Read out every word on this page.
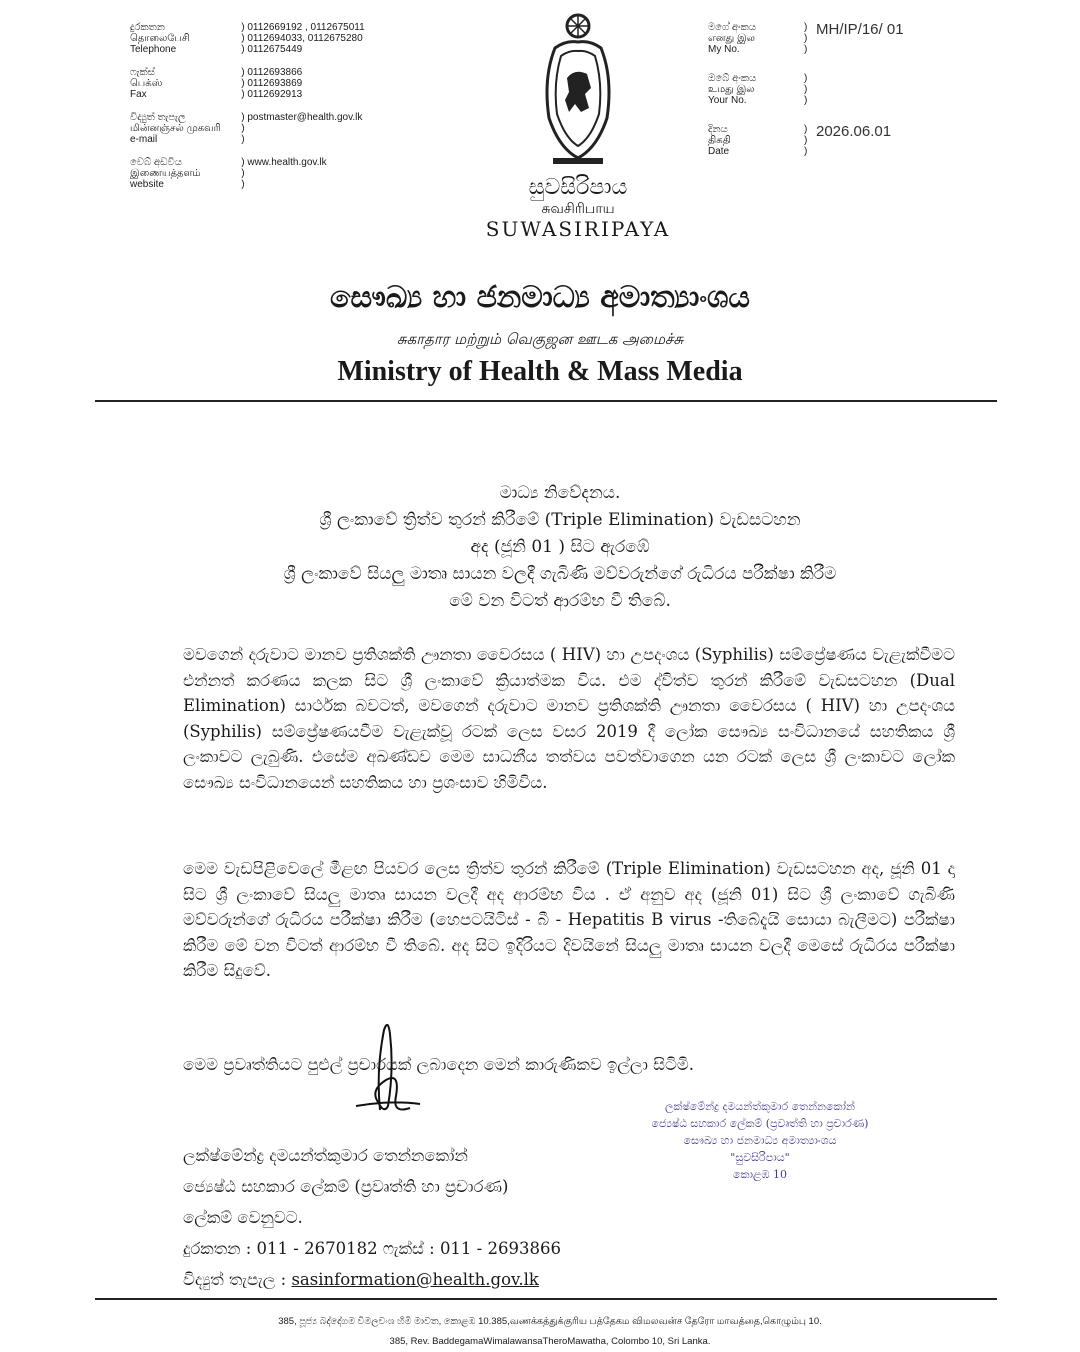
දුරකතන
தொலைபேசி
Telephone
) 0112669192 , 0112675011
) 0112694033, 0112675280
) 0112675449
ෆැක්ස්
பெக்ஸ்
Fax
) 0112693866
) 0112693869
) 0112692913
විද්‍යුත් තැපැල
மின்னஞ்சல் முகவரி
e-mail
) postmaster@health.gov.lk
)
)
වෙබ් අඩවිය
இணையத்தளம்
website
) www.health.gov.lk
)
)	සුවසිරිපාය
சுவசிரிபாய
SUWASIRIPAYA
මගේ අංකය
எனது இல
My No.
)
)
)
MH/IP/16/ 01
ඔබේ අංකය
உமது இல
Your No.
)
)
)
දිනය
திகதி
Date
)
)
)
2026.06.01
සෞඛ්‍ය හා ජනමාධ්‍ය අමාත්‍යාංශය
சுகாதார மற்றும் வெகுஜன ஊடக அமைச்சு
Ministry of Health & Mass Media
මාධ්‍ය නිවේදනය.
ශ්‍රී ලංකාවේ ත්‍රිත්ව තුරන් කිරීමේ (Triple Elimination) වැඩසටහන
අද (ජූනි 01 ) සිට ඇරඹේ
ශ්‍රී ලංකාවේ සියලු මාතෘ සායන වලදී ගැබිණි මව්වරුන්ගේ රුධිරය පරීක්ෂා කිරීම
මේ වන විටත් ආරම්භ වී තිබේ.
මවගෙන් දරුවාට මානව ප්‍රතිශක්ති ඌනතා වෛරසය ( HIV) හා උපදංශය (Syphilis) සම්ප්‍රේෂණය වැළැක්වීමට එන්නත් කරණය කලක සිට ශ්‍රී ලංකාවේ ක්‍රියාත්මක විය. එම ද්විත්ව තුරන් කිරීමේ වැඩසටහන (Dual Elimination) සාර්ථක බවටත්, මවගෙන් දරුවාට මානව ප්‍රතිශක්ති ඌනතා වෛරසය ( HIV) හා උපදංශය (Syphilis) සම්ප්‍රේෂණයවීම වැළැක්වූ රටක් ලෙස වසර 2019 දී ලෝක සෞඛ්‍ය සංවිධානයේ සහතිකය ශ්‍රී ලංකාවට ලැබුණි. එසේම අඛණ්ඩව මෙම සාධනීය තත්වය පවත්වාගෙන යන රටක් ලෙස ශ්‍රී ලංකාවට ලෝක සෞඛ්‍ය සංවිධානයෙන් සහතිකය හා ප්‍රශංසාව හිමිවිය.
මෙම වැඩපිළිවෙලේ මීළඟ පියවර ලෙස ත්‍රිත්ව තුරන් කිරීමේ (Triple Elimination) වැඩසටහන අද, ජූනි 01 දා සිට ශ්‍රී ලංකාවේ සියලු මාතෘ සායන වලදී අද ආරම්භ විය . ඒ අනුව අද (ජූනි 01) සිට ශ්‍රී ලංකාවේ ගැබිණි මව්වරුන්ගේ රුධිරය පරීක්ෂා කිරීම (හෙපටයිටිස් - බී - Hepatitis B virus -තිබේදැයි සොයා බැලීමට) පරීක්ෂා කිරීම මේ වන විටත් ආරම්භ වී තිබේ. අද සිට ඉදිරියට දිවයිනේ සියලු මාතෘ සායන වලදී මෙසේ රුධිරය පරීක්ෂා කිරීම සිදුවේ.
මෙම ප්‍රවෘත්තියට පුළුල් ප්‍රචාරයක් ලබාදෙන මෙන් කාරුණිකව ඉල්ලා සිටිමි.
ලක්ෂ්මේන්ද්‍ර දමයන්ත්කුමාර තෙන්නකෝන්
ජ්‍යෙෂ්ඨ සහකාර ලේකම් (ප්‍රවෘත්ති හා ප්‍රචාරණ)
සෞඛ්‍ය හා ජනමාධ්‍ය අමාත්‍යාංශය
"සුවසිරිපාය"
කොළඹ 10
ලක්ෂ්මේන්ද්‍ර දමයන්ත්කුමාර තෙන්නකෝන්
ජ්‍යෙෂ්ඨ සහකාර ලේකම් (ප්‍රවෘත්ති හා ප්‍රචාරණ)
ලේකම් වෙනුවට.
දුරකතන : 011 - 2670182 ෆැක්ස් : 011 - 2693866
විද්‍යුත් තැපැල : sasinformation@health.gov.lk
385, පූජ්‍ය බද්දේගම විමලවංශ හිමි මාවත, කොළඹ 10.385,வணக்கத்துக்குரிய பத்தேகம விமலவன்ச தேரோ மாவத்தை,கொழும்பு 10.
385, Rev. BaddegamaWimalawansaTheroMawatha, Colombo 10, Sri Lanka.
